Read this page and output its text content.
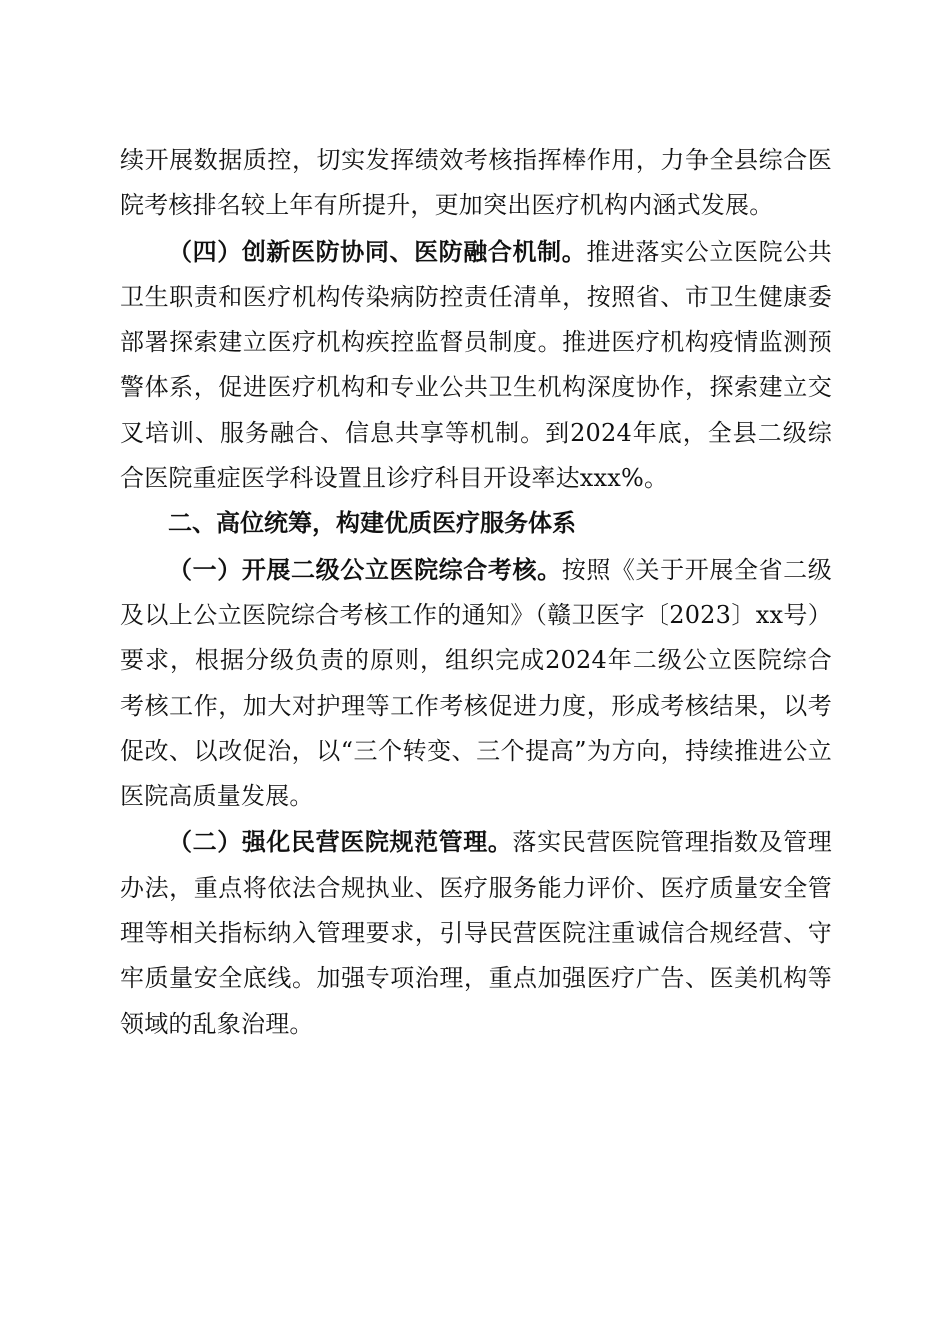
续开展数据质控，切实发挥绩效考核指挥棒作用，力争全县综合医院考核排名较上年有所提升，更加突出医疗机构内涵式发展。

（四）创新医防协同、医防融合机制。推进落实公立医院公共卫生职责和医疗机构传染病防控责任清单，按照省、市卫生健康委部署探索建立医疗机构疾控监督员制度。推进医疗机构疫情监测预警体系，促进医疗机构和专业公共卫生机构深度协作，探索建立交叉培训、服务融合、信息共享等机制。到2024年底，全县二级综合医院重症医学科设置且诊疗科目开设率达xxx%。

二、高位统筹，构建优质医疗服务体系

（一）开展二级公立医院综合考核。按照《关于开展全省二级及以上公立医院综合考核工作的通知》（赣卫医字〔2023〕xx号）要求，根据分级负责的原则，组织完成2024年二级公立医院综合考核工作，加大对护理等工作考核促进力度，形成考核结果，以考促改、以改促治，以“三个转变、三个提高”为方向，持续推进公立医院高质量发展。

（二）强化民营医院规范管理。落实民营医院管理指数及管理办法，重点将依法合规执业、医疗服务能力评价、医疗质量安全管理等相关指标纳入管理要求，引导民营医院注重诚信合规经营、守牢质量安全底线。加强专项治理，重点加强医疗广告、医美机构等领域的乱象治理。
